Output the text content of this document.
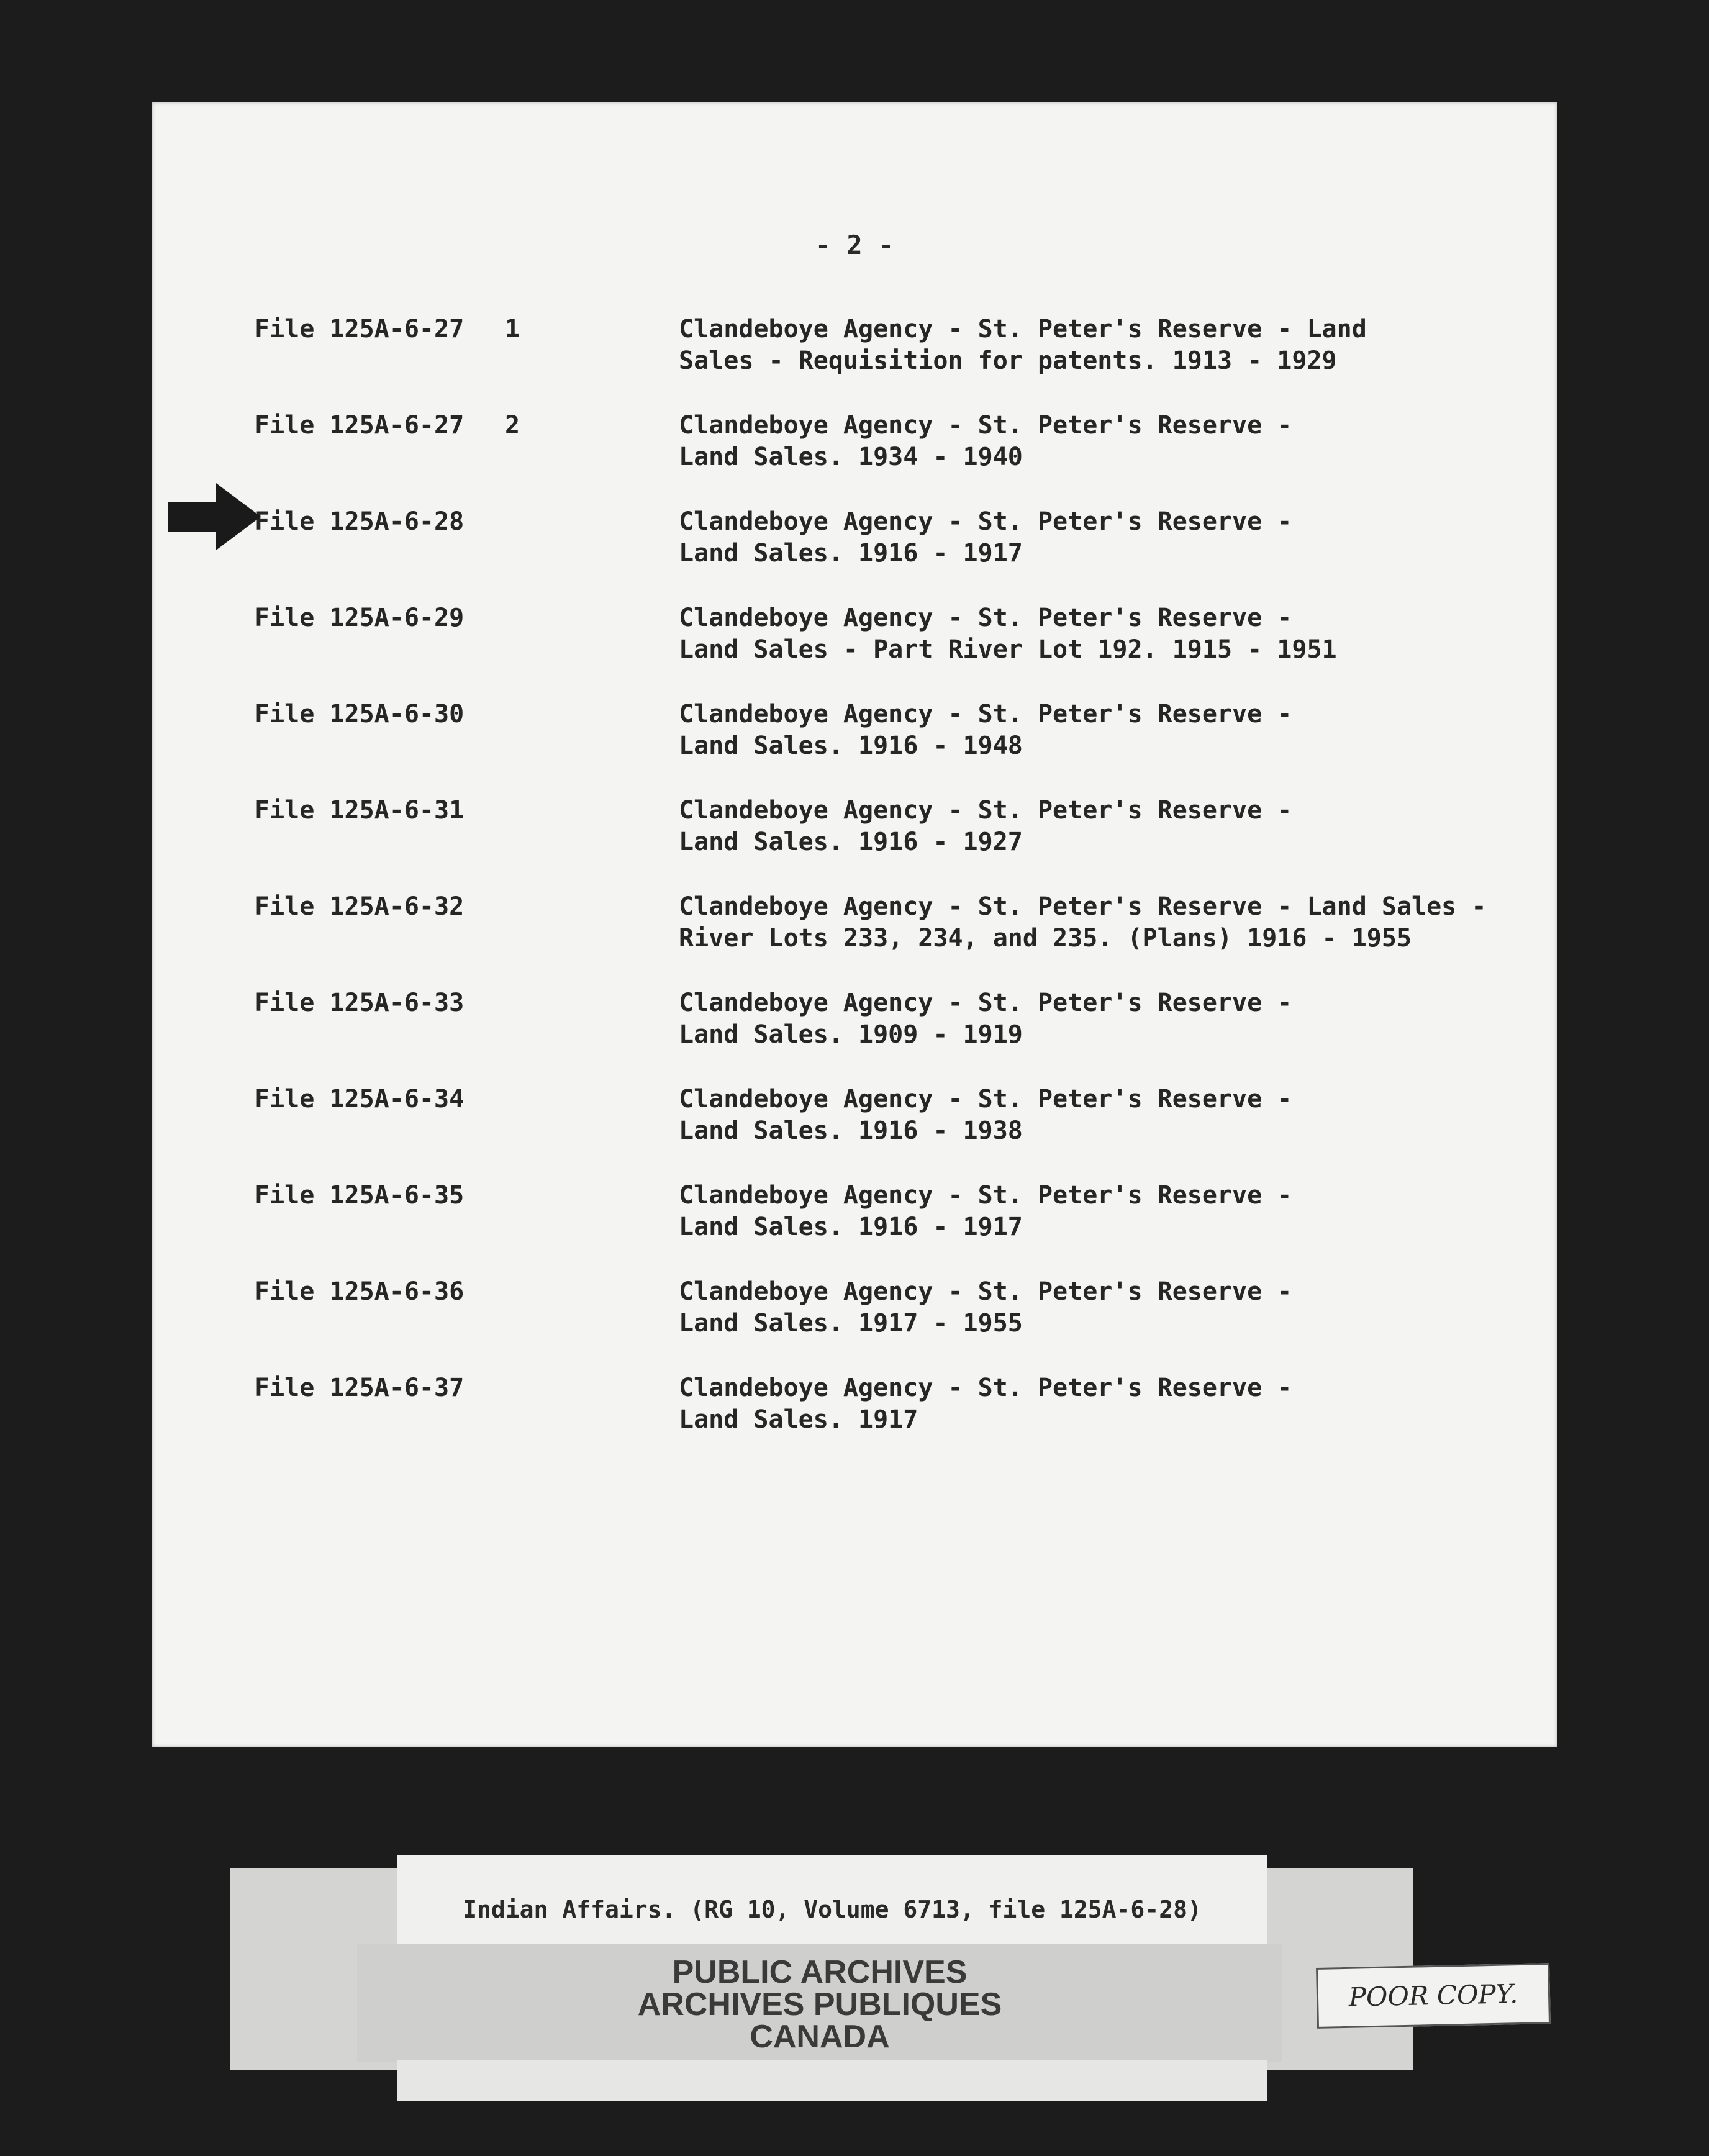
- 2 -
File 125A-6-27 1	Clandeboye Agency - St. Peter's Reserve - Land
Sales - Requisition for patents. 1913 - 1929
File 125A-6-27 2	Clandeboye Agency - St. Peter's Reserve -
Land Sales. 1934 - 1940
File 125A-6-28	Clandeboye Agency - St. Peter's Reserve -
Land Sales. 1916 - 1917
File 125A-6-29	Clandeboye Agency - St. Peter's Reserve -
Land Sales - Part River Lot 192. 1915 - 1951
File 125A-6-30	Clandeboye Agency - St. Peter's Reserve -
Land Sales. 1916 - 1948
File 125A-6-31	Clandeboye Agency - St. Peter's Reserve -
Land Sales. 1916 - 1927
File 125A-6-32	Clandeboye Agency - St. Peter's Reserve - Land Sales -
River Lots 233, 234, and 235. (Plans) 1916 - 1955
File 125A-6-33	Clandeboye Agency - St. Peter's Reserve -
Land Sales. 1909 - 1919
File 125A-6-34	Clandeboye Agency - St. Peter's Reserve -
Land Sales. 1916 - 1938
File 125A-6-35	Clandeboye Agency - St. Peter's Reserve -
Land Sales. 1916 - 1917
File 125A-6-36	Clandeboye Agency - St. Peter's Reserve -
Land Sales. 1917 - 1955
File 125A-6-37	Clandeboye Agency - St. Peter's Reserve -
Land Sales. 1917
Indian Affairs. (RG 10, Volume 6713, file 125A-6-28)
PUBLIC ARCHIVES
ARCHIVES PUBLIQUES
CANADA
POOR COPY.
